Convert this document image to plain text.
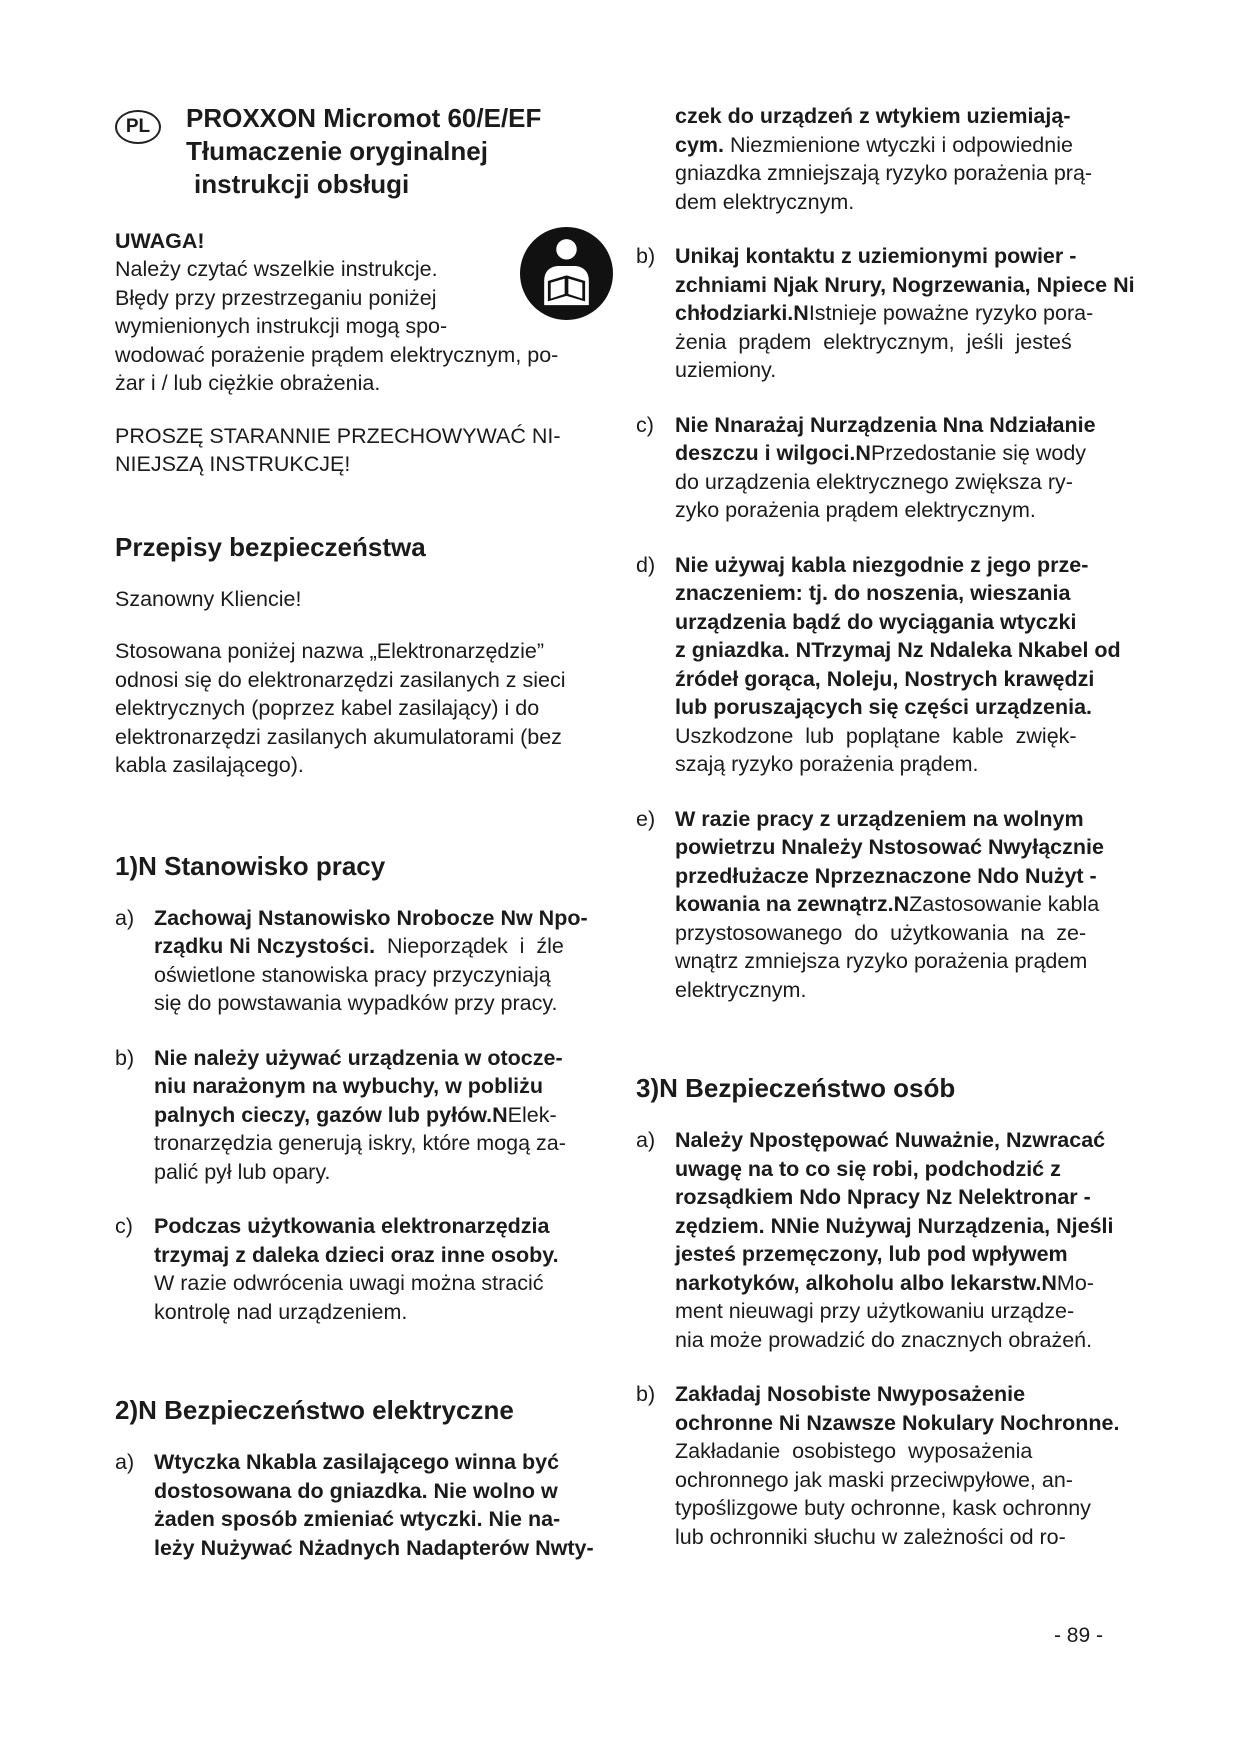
PL	PROXXON Micromot 60/E/EF
Tłumaczenie oryginalnej
instrukcji obsługi

UWAGA!

Należy czytać wszelkie instrukcje.

Błędy przy przestrzeganiu poniżej

wymienionych instrukcji mogą spo-

wodować porażenie prądem elektrycznym, po-

żar i / lub ciężkie obrażenia.

PROSZĘ STARANNIE PRZECHOWYWAĆ NI-

NIEJSZĄ INSTRUKCJĘ!

Przepisy bezpieczeństwa

Szanowny Kliencie!

Stosowana poniżej nazwa „Elektronarzędzie”

odnosi się do elektronarzędzi zasilanych z sieci

elektrycznych (poprzez kabel zasilający) i do

elektronarzędzi zasilanych akumulatorami (bez

kabla zasilającego).

1)N Stanowisko pracy
a) Zachowaj Nstanowisko Nrobocze Nw Npo-

rządku Ni Nczystości.  Nieporządek  i  źle

oświetlone stanowiska pracy przyczyniają

się do powstawania wypadków przy pracy.

b) Nie należy używać urządzenia w otocze-

niu narażonym na wybuchy, w pobliżu

palnych cieczy, gazów lub pyłów.NElek-

tronarzędzia generują iskry, które mogą za-

palić pył lub opary.

c) Podczas użytkowania elektronarzędzia

trzymaj z daleka dzieci oraz inne osoby.

W razie odwrócenia uwagi można stracić

kontrolę nad urządzeniem.

2)N Bezpieczeństwo elektryczne
a) Wtyczka Nkabla zasilającego winna być

dostosowana do gniazdka. Nie wolno w

żaden sposób zmieniać wtyczki. Nie na-

leży Nużywać Nżadnych Nadapterów Nwty-

czek do urządzeń z wtykiem uziemiają-

cym. Niezmienione wtyczki i odpowiednie

gniazdka zmniejszają ryzyko porażenia prą-

dem elektrycznym.

b) Unikaj kontaktu z uziemionymi powier -

zchniami Njak Nrury, Nogrzewania, Npiece Ni

chłodziarki.NIstnieje poważne ryzyko pora-

żenia  prądem  elektrycznym,  jeśli  jesteś

uziemiony.

c) Nie Nnarażaj Nurządzenia Nna Ndziałanie

deszczu i wilgoci.NPrzedostanie się wody

do urządzenia elektrycznego zwiększa ry-

zyko porażenia prądem elektrycznym.

d) Nie używaj kabla niezgodnie z jego prze-

znaczeniem: tj. do noszenia, wieszania

urządzenia bądź do wyciągania wtyczki

z gniazdka. NTrzymaj Nz Ndaleka Nkabel od

źródeł gorąca, Noleju, Nostrych krawędzi

lub poruszających się części urządzenia.

Uszkodzone  lub  poplątane  kable  zwięk-

szają ryzyko porażenia prądem.

e) W razie pracy z urządzeniem na wolnym

powietrzu Nnależy Nstosować Nwyłącznie

przedłużacze Nprzeznaczone Ndo Nużyt -

kowania na zewnątrz.NZastosowanie kabla

przystosowanego  do  użytkowania  na  ze-

wnątrz zmniejsza ryzyko porażenia prądem

elektrycznym.

3)N Bezpieczeństwo osób
a) Należy Npostępować Nuważnie, Nzwracać

uwagę na to co się robi, podchodzić z

rozsądkiem Ndo Npracy Nz Nelektronar -

zędziem. NNie Nużywaj Nurządzenia, Njeśli

jesteś przemęczony, lub pod wpływem

narkotyków, alkoholu albo lekarstw.NMo-

ment nieuwagi przy użytkowaniu urządze-

nia może prowadzić do znacznych obrażeń.

b) Zakładaj Nosobiste Nwyposażenie

ochronne Ni Nzawsze Nokulary Nochronne.

Zakładanie  osobistego  wyposażenia

ochronnego jak maski przeciwpyłowe, an-

typoślizgowe buty ochronne, kask ochronny

lub ochronniki słuchu w zależności od ro-

- 89 -
